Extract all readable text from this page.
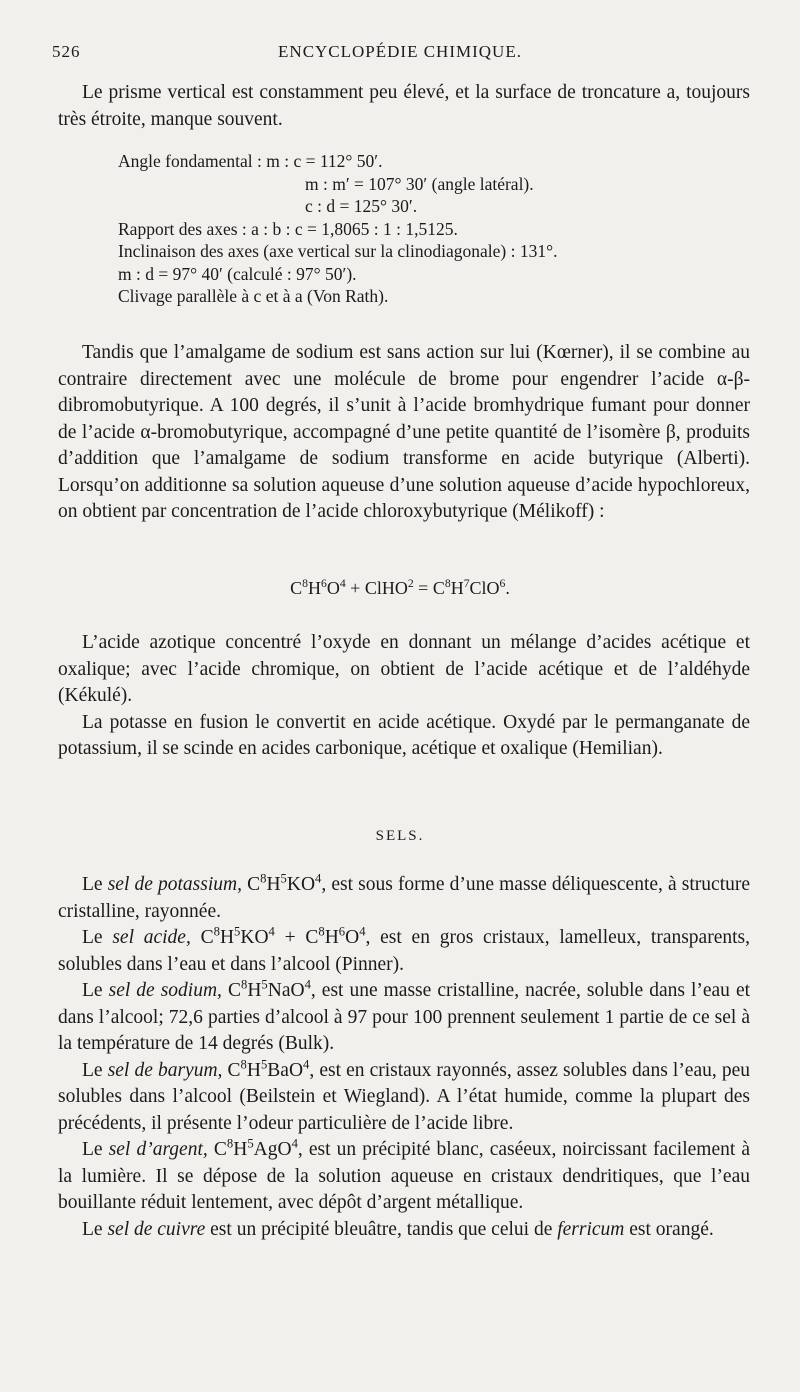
526	ENCYCLOPÉDIE CHIMIQUE.

Le prisme vertical est constamment peu élevé, et la surface de troncature a, toujours très étroite, manque souvent.

Angle fondamental : m : c = 112° 50′.
m : m′ = 107° 30′ (angle latéral).
c : d = 125° 30′.
Rapport des axes : a : b : c = 1,8065 : 1 : 1,5125.
Inclinaison des axes (axe vertical sur la clinodiagonale) : 131°.
m : d = 97° 40′ (calculé : 97° 50′).
Clivage parallèle à c et à a (Von Rath).

Tandis que l’amalgame de sodium est sans action sur lui (Kœrner), il se combine au contraire directement avec une molécule de brome pour engendrer l’acide α-β-dibromobutyrique. A 100 degrés, il s’unit à l’acide bromhydrique fumant pour donner de l’acide α-bromobutyrique, accompagné d’une petite quantité de l’isomère β, produits d’addition que l’amalgame de sodium transforme en acide butyrique (Alberti). Lorsqu’on additionne sa solution aqueuse d’une solution aqueuse d’acide hypochloreux, on obtient par concentration de l’acide chloroxybutyrique (Mélikoff) :

$C^8H^6O^4$ + ClHO$^2$ = $C^8H^7ClO^6$.

L’acide azotique concentré l’oxyde en donnant un mélange d’acides acétique et oxalique; avec l’acide chromique, on obtient de l’acide acétique et de l’aldéhyde (Kékulé).

La potasse en fusion le convertit en acide acétique. Oxydé par le permanganate de potassium, il se scinde en acides carbonique, acétique et oxalique (Hemilian).

SELS.

Le sel de potassium, $C^8H^5KO^4$, est sous forme d’une masse déliquescente, à structure cristalline, rayonnée.

Le sel acide, $C^8H^5KO^4 + C^8H^6O^4$, est en gros cristaux, lamelleux, transparents, solubles dans l’eau et dans l’alcool (Pinner).

Le sel de sodium, $C^8H^5NaO^4$, est une masse cristalline, nacrée, soluble dans l’eau et dans l’alcool; 72,6 parties d’alcool à 97 pour 100 prennent seulement 1 partie de ce sel à la température de 14 degrés (Bulk).

Le sel de baryum, $C^8H^5BaO^4$, est en cristaux rayonnés, assez solubles dans l’eau, peu solubles dans l’alcool (Beilstein et Wiegland). A l’état humide, comme la plupart des précédents, il présente l’odeur particulière de l’acide libre.

Le sel d’argent, $C^8H^5AgO^4$, est un précipité blanc, caséeux, noircissant facilement à la lumière. Il se dépose de la solution aqueuse en cristaux dendritiques, que l’eau bouillante réduit lentement, avec dépôt d’argent métallique.

Le sel de cuivre est un précipité bleuâtre, tandis que celui de ferricum est orangé.
